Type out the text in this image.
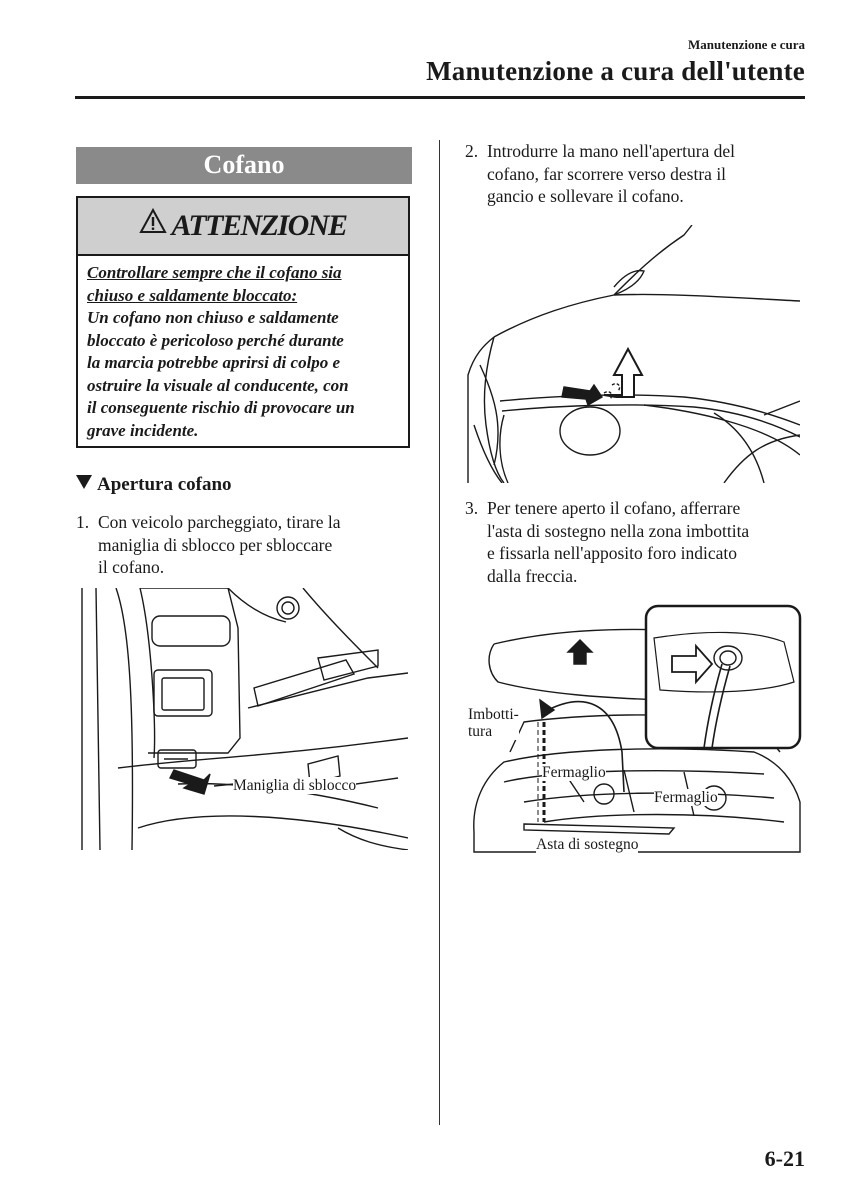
Manutenzione e cura
Manutenzione a cura dell'utente
Cofano
ATTENZIONE
Controllare sempre che il cofano sia
chiuso e saldamente bloccato:
Un cofano non chiuso e saldamente
bloccato è pericoloso perché durante
la marcia potrebbe aprirsi di colpo e
ostruire la visuale al conducente, con
il conseguente rischio di provocare un
grave incidente.
Apertura cofano
1. Con veicolo parcheggiato, tirare la
maniglia di sblocco per sbloccare
il cofano.
2. Introdurre la mano nell'apertura del
cofano, far scorrere verso destra il
gancio e sollevare il cofano.
3. Per tenere aperto il cofano, afferrare
l'asta di sostegno nella zona imbottita
e fissarla nell'apposito foro indicato
dalla freccia.
Maniglia di sblocco
Imbotti-
tura
Fermaglio
Fermaglio
Asta di sostegno
6-21
